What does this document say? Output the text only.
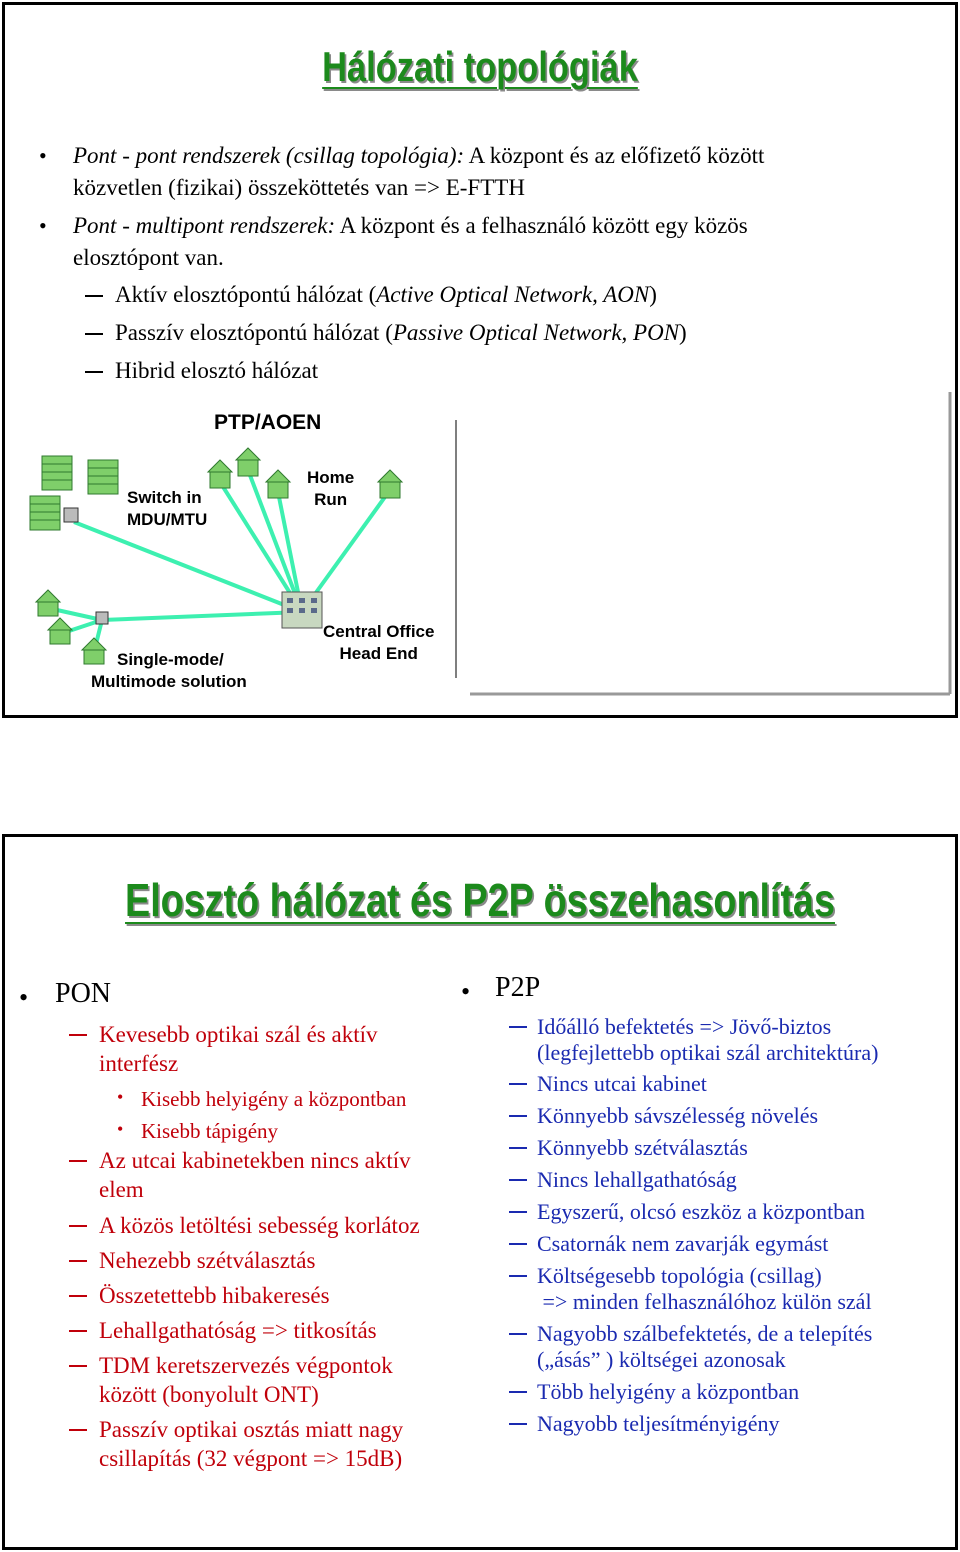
Hálózati topológiák
• Pont - pont rendszerek (csillag topológia): A központ és az előfizető között
közvetlen (fizikai) összeköttetés van => E-FTTH
• Pont - multipont rendszerek: A központ és a felhasználó között egy közös
elosztópont van.
Aktív elosztópontú hálózat (Active Optical Network, AON)
Passzív elosztópontú hálózat (Passive Optical Network, PON)
Hibrid elosztó hálózat
PTP/AOEN
Switch in
MDU/MTU
Home
Run
Central Office
Head End
Single-mode/
Multimode solution
Elosztó hálózat és P2P összehasonlítás
• PON
Kevesebb optikai szál és aktív
interfész
• Kisebb helyigény a központban
• Kisebb tápigény
Az utcai kabinetekben nincs aktív
elem
A közös letöltési sebesség korlátoz
Nehezebb szétválasztás
Összetettebb hibakeresés
Lehallgathatóság => titkosítás
TDM keretszervezés végpontok
között (bonyolult ONT)
Passzív optikai osztás miatt nagy
csillapítás (32 végpont => 15dB)
• P2P
Időálló befektetés => Jövő-biztos
(legfejlettebb optikai szál architektúra)
Nincs utcai kabinet
Könnyebb sávszélesség növelés
Könnyebb szétválasztás
Nincs lehallgathatóság
Egyszerű, olcsó eszköz a központban
Csatornák nem zavarják egymást
Költségesebb topológia (csillag)
=> minden felhasználóhoz külön szál
Nagyobb szálbefektetés, de a telepítés
(„ásás” ) költségei azonosak
Több helyigény a központban
Nagyobb teljesítményigény
